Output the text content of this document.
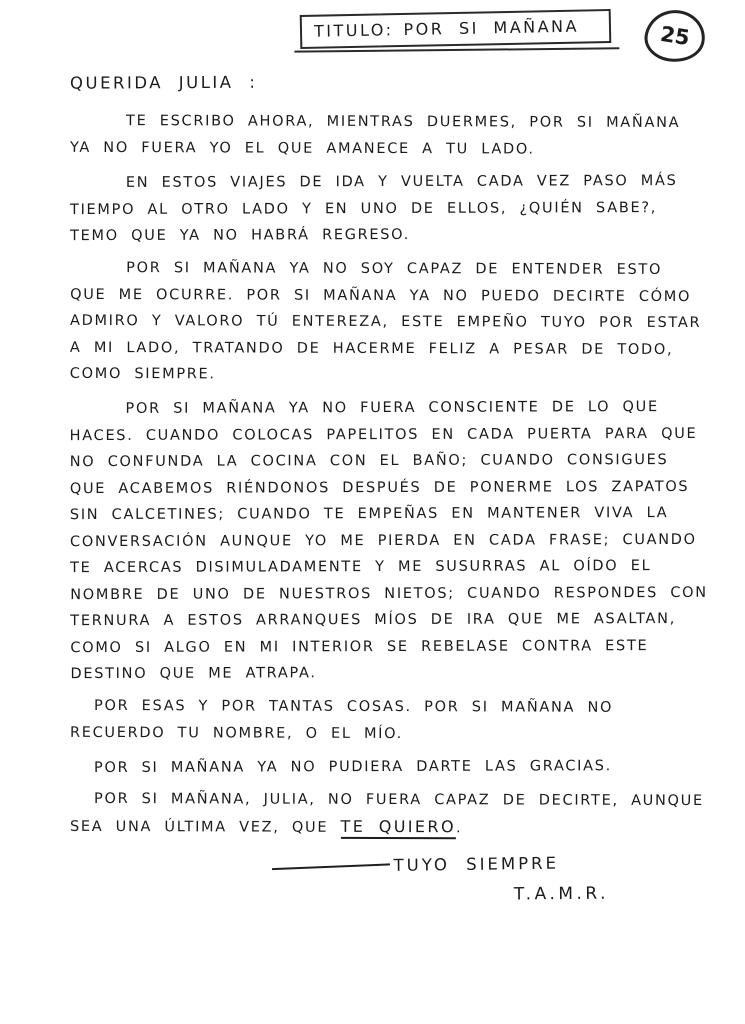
TITULO: POR SI MAÑANA	25

QUERIDA JULIA :

TE ESCRIBO AHORA, MIENTRAS DUERMES, POR SI MAÑANA YA NO FUERA YO EL QUE AMANECE A TU LADO.

EN ESTOS VIAJES DE IDA Y VUELTA CADA VEZ PASO MÁS TIEMPO AL OTRO LADO Y EN UNO DE ELLOS, ¿QUIÉN SABE?, TEMO QUE YA NO HABRÁ REGRESO.

POR SI MAÑANA YA NO SOY CAPAZ DE ENTENDER ESTO QUE ME OCURRE. POR SI MAÑANA YA NO PUEDO DECIRTE CÓMO ADMIRO Y VALORO TÚ ENTEREZA, ESTE EMPEÑO TUYO POR ESTAR A MI LADO, TRATANDO DE HACERME FELIZ A PESAR DE TODO, COMO SIEMPRE.

POR SI MAÑANA YA NO FUERA CONSCIENTE DE LO QUE HACES. CUANDO COLOCAS PAPELITOS EN CADA PUERTA PARA QUE NO CONFUNDA LA COCINA CON EL BAÑO; CUANDO CONSIGUES QUE ACABEMOS RIÉNDONOS DESPUÉS DE PONERME LOS ZAPATOS SIN CALCETINES; CUANDO TE EMPEÑAS EN MANTENER VIVA LA CONVERSACIÓN AUNQUE YO ME PIERDA EN CADA FRASE; CUANDO TE ACERCAS DISIMULADAMENTE Y ME SUSURRAS AL OÍDO EL NOMBRE DE UNO DE NUESTROS NIETOS; CUANDO RESPONDES CON TERNURA A ESTOS ARRANQUES MÍOS DE IRA QUE ME ASALTAN, COMO SI ALGO EN MI INTERIOR SE REBELASE CONTRA ESTE DESTINO QUE ME ATRAPA.

POR ESAS Y POR TANTAS COSAS. POR SI MAÑANA NO RECUERDO TU NOMBRE, O EL MÍO.

POR SI MAÑANA YA NO PUDIERA DARTE LAS GRACIAS.

POR SI MAÑANA, JULIA, NO FUERA CAPAZ DE DECIRTE, AUNQUE SEA UNA ÚLTIMA VEZ, QUE TE QUIERO.

TUYO SIEMPRE
T.A.M.R.
